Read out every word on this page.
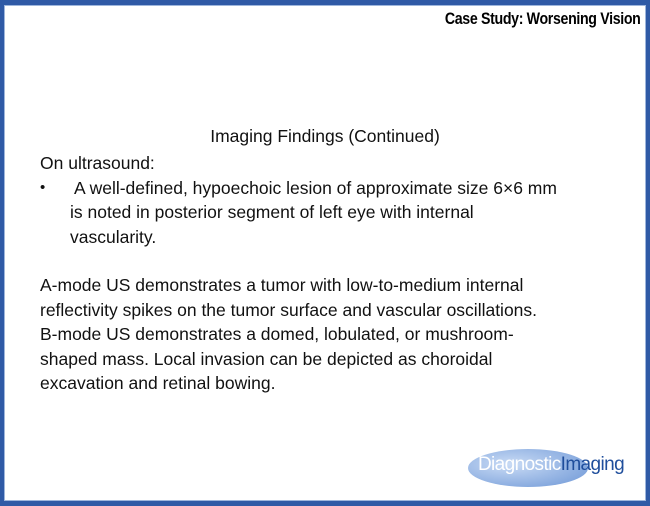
Case Study: Worsening Vision
Imaging Findings (Continued)
On ultrasound:
•	A well-defined, hypoechoic lesion of approximate size 6×6 mm
is noted in posterior segment of left eye with internal
vascularity.
A-mode US demonstrates a tumor with low-to-medium internal
reflectivity spikes on the tumor surface and vascular oscillations.
B-mode US demonstrates a domed, lobulated, or mushroom-
shaped mass. Local invasion can be depicted as choroidal
excavation and retinal bowing.
DiagnosticImaging
